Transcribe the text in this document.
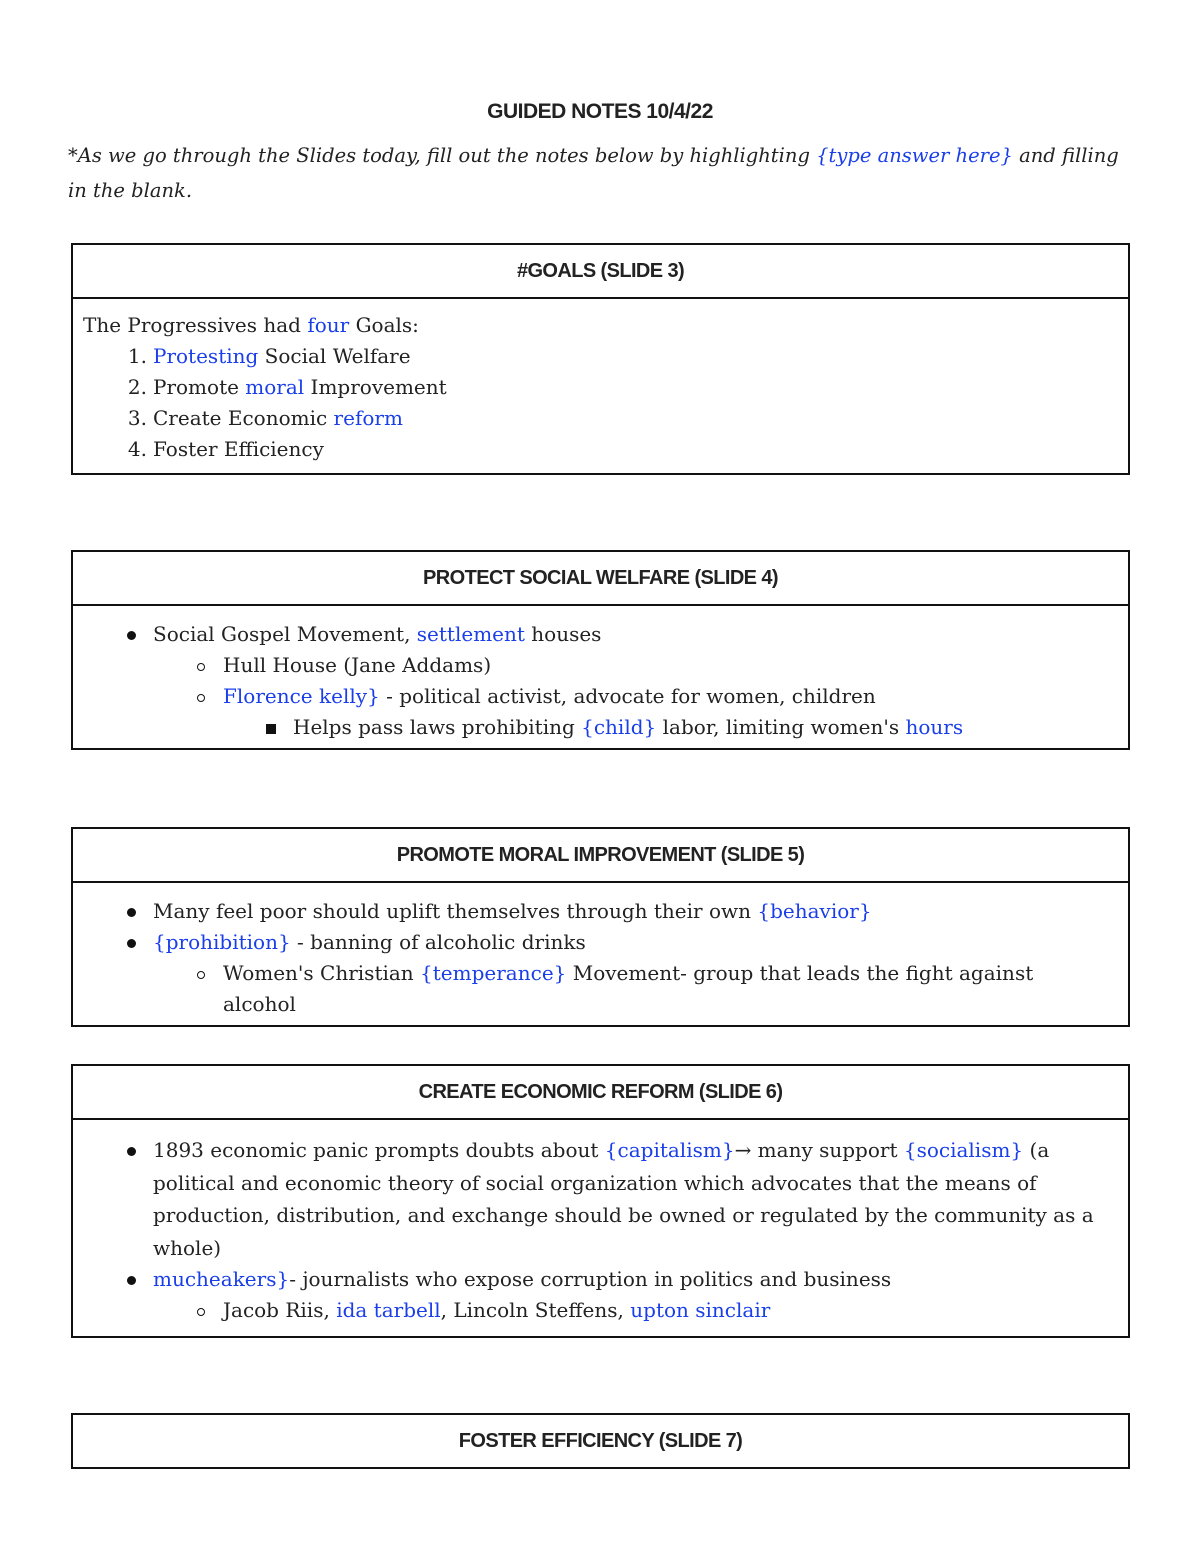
GUIDED NOTES 10/4/22
*As we go through the Slides today, fill out the notes below by highlighting {type answer here} and filling in the blank.
#GOALS (SLIDE 3)
The Progressives had four Goals:
1. Protesting Social Welfare
2. Promote moral Improvement
3. Create Economic reform
4. Foster Efficiency
PROTECT SOCIAL WELFARE (SLIDE 4)
Social Gospel Movement, settlement houses
Hull House (Jane Addams)
Florence kelly} - political activist, advocate for women, children
Helps pass laws prohibiting {child} labor, limiting women's hours
PROMOTE MORAL IMPROVEMENT (SLIDE 5)
Many feel poor should uplift themselves through their own {behavior}
{prohibition} - banning of alcoholic drinks
Women's Christian {temperance} Movement- group that leads the fight against alcohol
CREATE ECONOMIC REFORM (SLIDE 6)
1893 economic panic prompts doubts about {capitalism}→ many support {socialism} (a political and economic theory of social organization which advocates that the means of production, distribution, and exchange should be owned or regulated by the community as a whole)
mucheakers}- journalists who expose corruption in politics and business
Jacob Riis, ida tarbell, Lincoln Steffens, upton sinclair
FOSTER EFFICIENCY (SLIDE 7)
